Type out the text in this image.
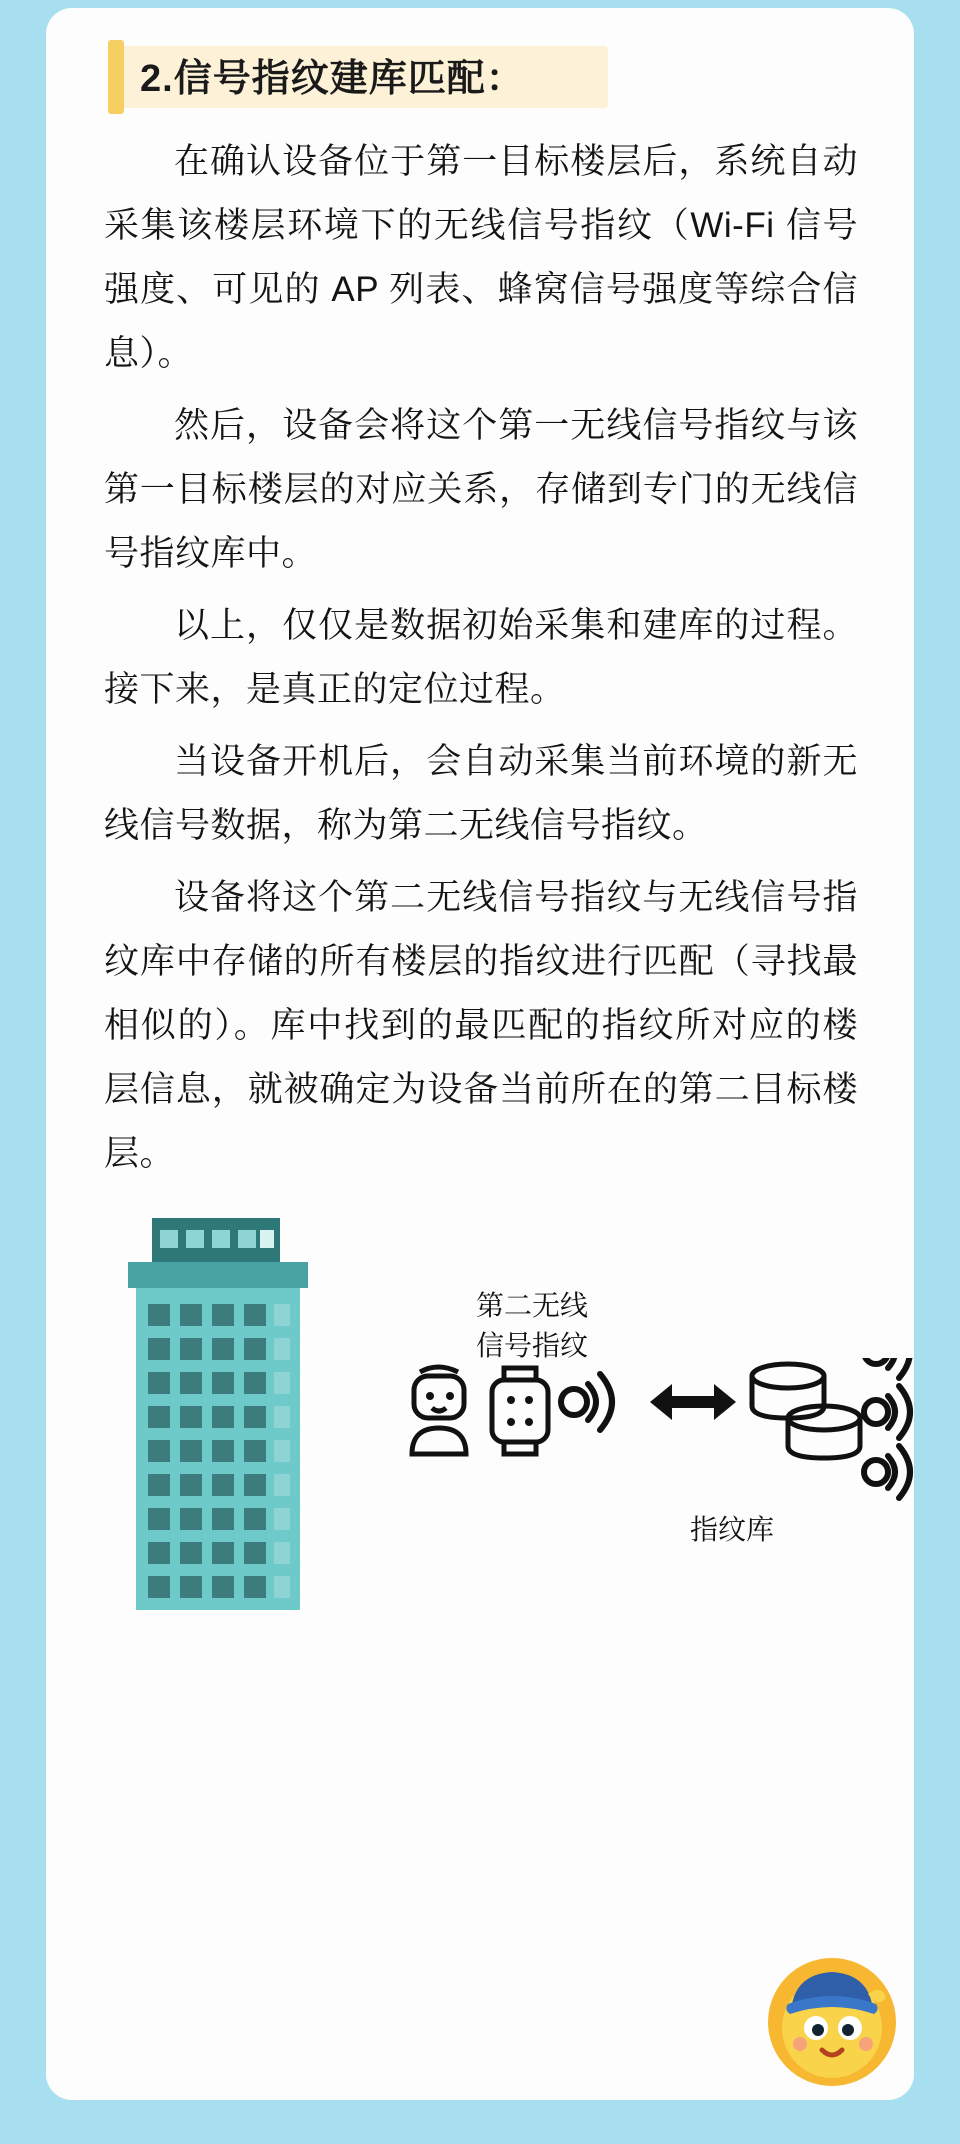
2.信号指纹建库匹配：

在确认设备位于第一目标楼层后，系统自动采集该楼层环境下的无线信号指纹（Wi-Fi 信号强度、可见的 AP 列表、蜂窝信号强度等综合信息）。

然后，设备会将这个第一无线信号指纹与该第一目标楼层的对应关系，存储到专门的无线信号指纹库中。

以上，仅仅是数据初始采集和建库的过程。接下来，是真正的定位过程。

当设备开机后，会自动采集当前环境的新无线信号数据，称为第二无线信号指纹。

设备将这个第二无线信号指纹与无线信号指纹库中存储的所有楼层的指纹进行匹配（寻找最相似的）。库中找到的最匹配的指纹所对应的楼层信息，就被确定为设备当前所在的第二目标楼层。

第二无线
信号指纹
指纹库
